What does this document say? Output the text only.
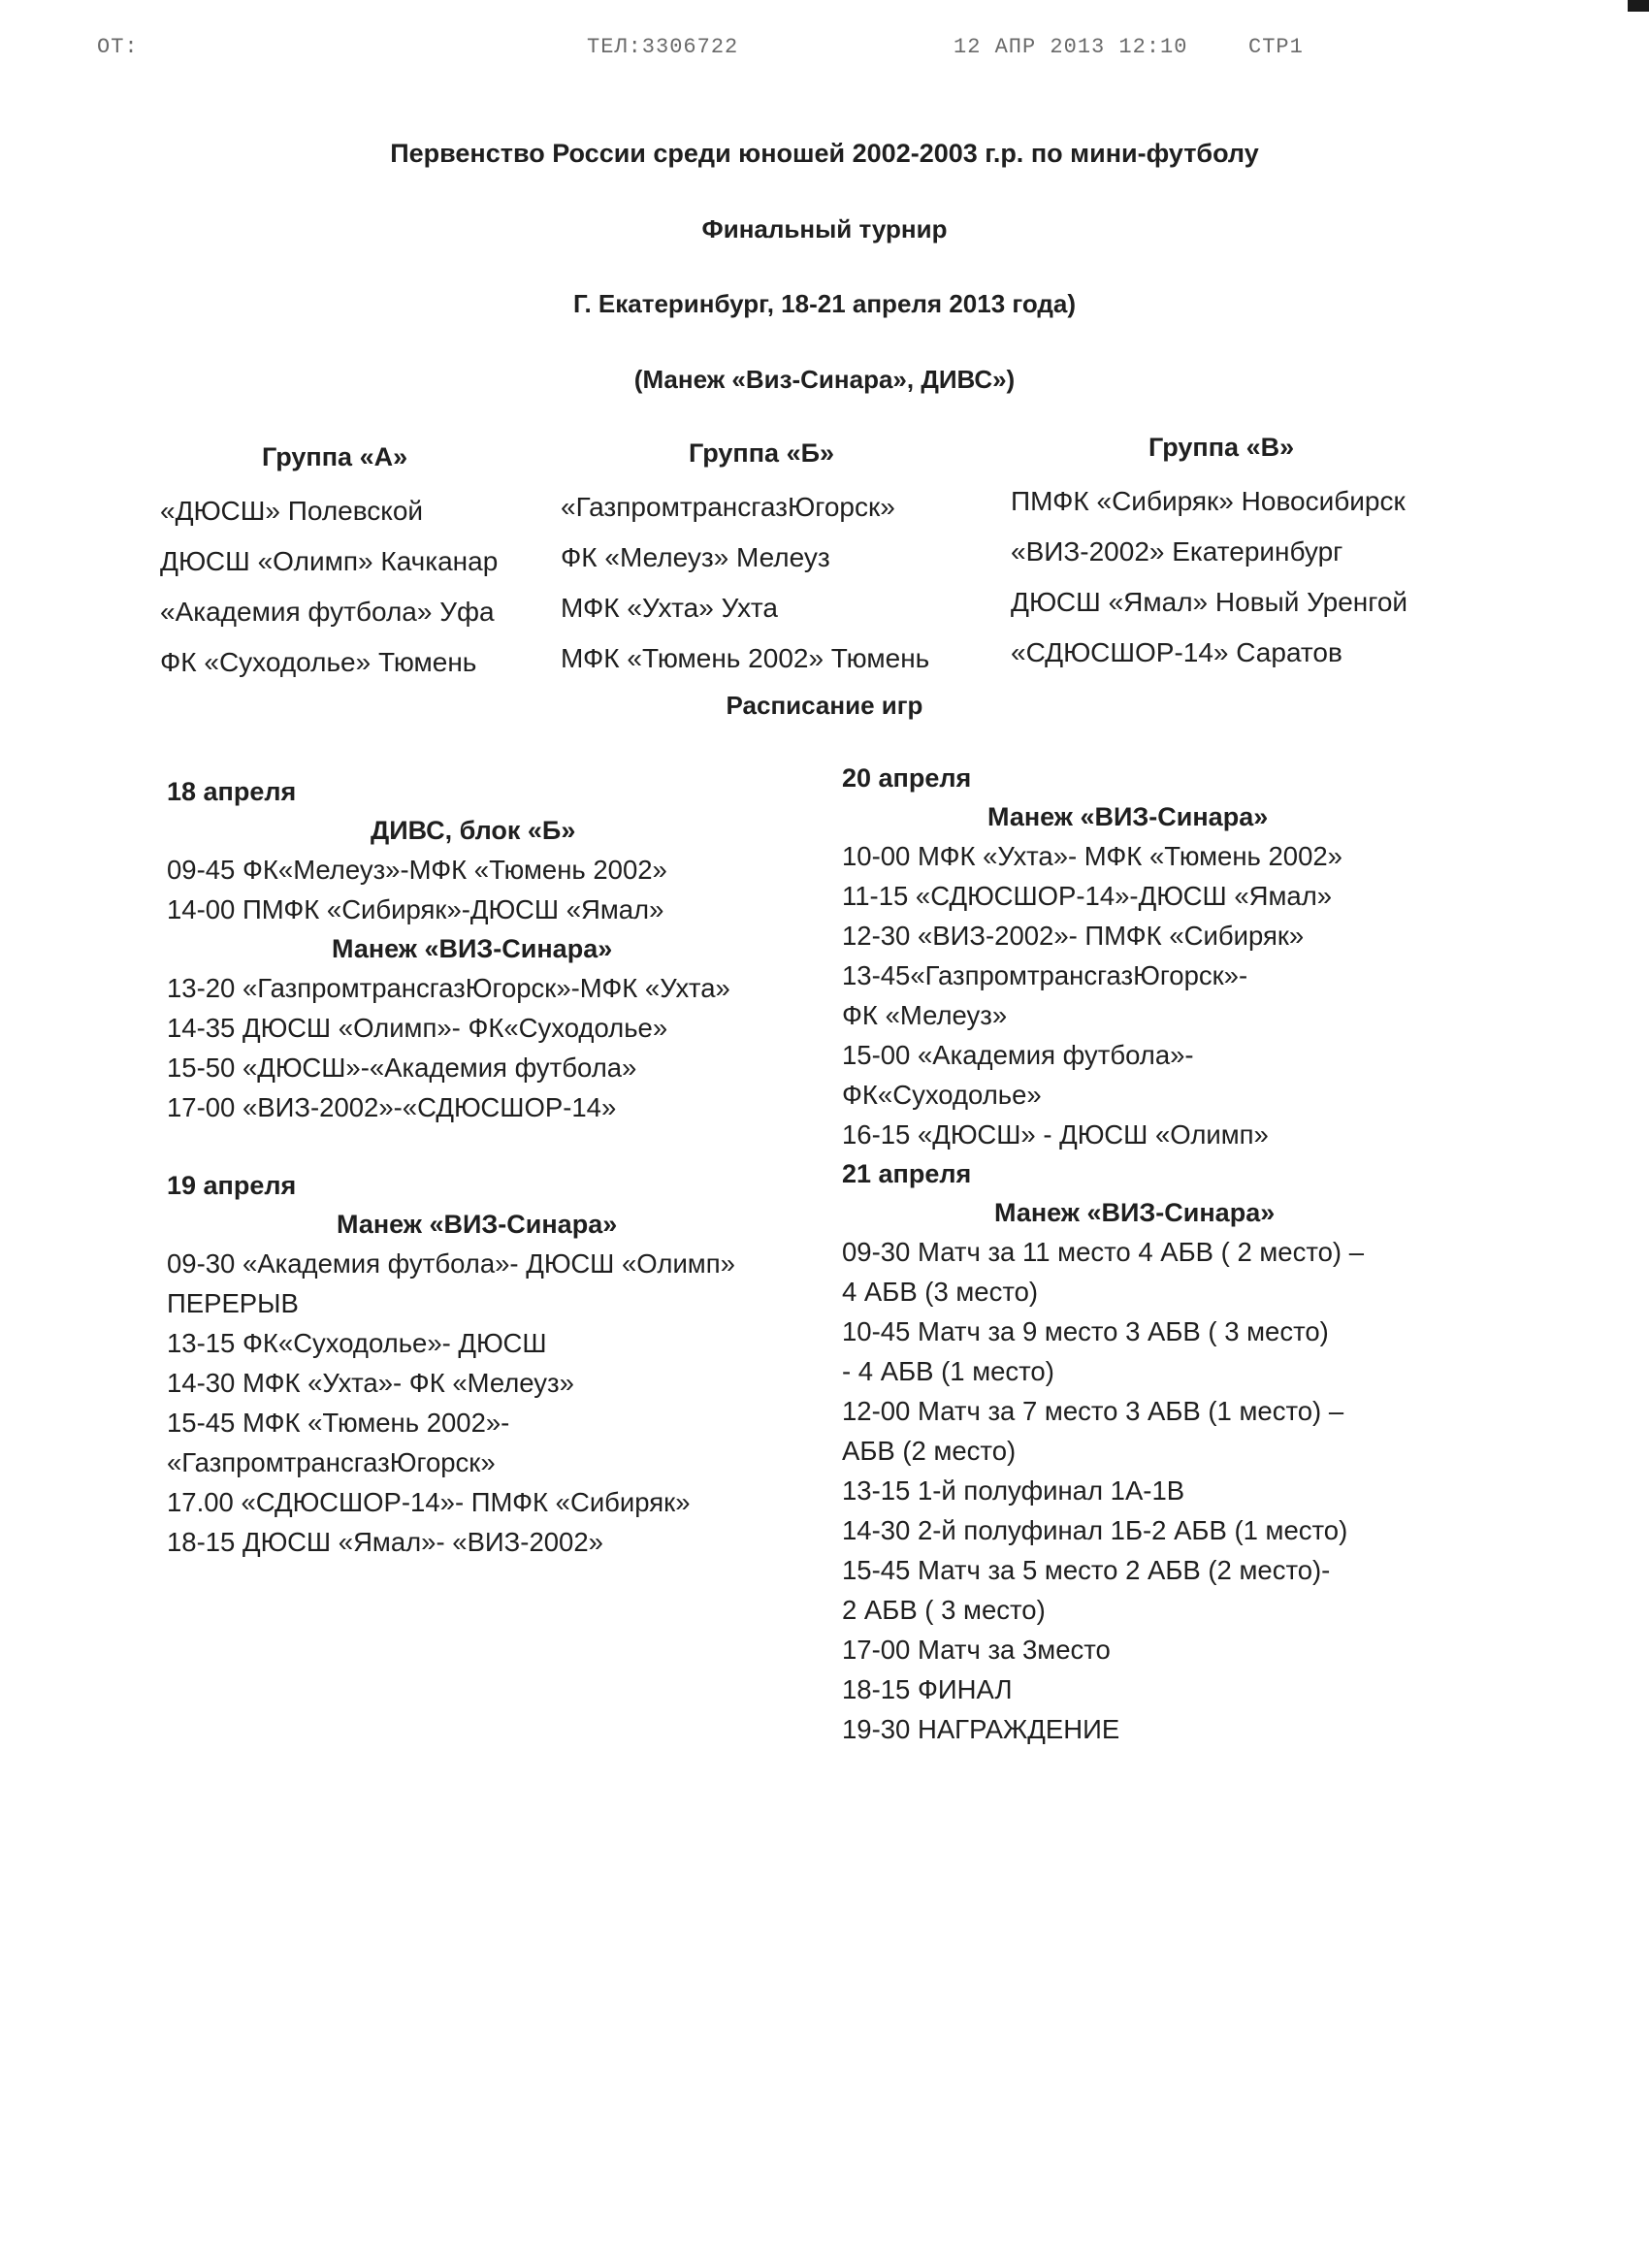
ОТ:	ТЕЛ:3306722	12 АПР 2013 12:10	СТР1
Первенство России среди юношей 2002-2003 г.р. по мини-футболу
Финальный турнир
Г. Екатеринбург, 18-21 апреля 2013 года)
(Манеж «Виз-Синара», ДИВС»)
Группа «А»
«ДЮСШ» Полевской
ДЮСШ «Олимп» Качканар
«Академия футбола» Уфа
ФК «Суходолье» Тюмень
Группа «Б»
«ГазпромтрансгазЮгорск»
ФК «Мелеуз» Мелеуз
МФК «Ухта» Ухта
МФК «Тюмень 2002» Тюмень
Группа «В»
ПМФК «Сибиряк» Новосибирск
«ВИЗ-2002» Екатеринбург
ДЮСШ «Ямал» Новый Уренгой
«СДЮСШОР-14» Саратов
Расписание игр
18 апреля
ДИВС, блок «Б»
09-45 ФК«Мелеуз»-МФК «Тюмень 2002»
14-00 ПМФК «Сибиряк»-ДЮСШ «Ямал»
Манеж «ВИЗ-Синара»
13-20 «ГазпромтрансгазЮгорск»-МФК «Ухта»
14-35 ДЮСШ «Олимп»- ФК«Суходолье»
15-50 «ДЮСШ»-«Академия футбола»
17-00 «ВИЗ-2002»-«СДЮСШОР-14»
19 апреля
Манеж «ВИЗ-Синара»
09-30 «Академия футбола»- ДЮСШ «Олимп»
ПЕРЕРЫВ
13-15 ФК«Суходолье»- ДЮСШ
14-30 МФК «Ухта»- ФК «Мелеуз»
15-45 МФК «Тюмень 2002»-
«ГазпромтрансгазЮгорск»
17.00 «СДЮСШОР-14»- ПМФК «Сибиряк»
18-15 ДЮСШ «Ямал»- «ВИЗ-2002»
20 апреля
Манеж «ВИЗ-Синара»
10-00 МФК «Ухта»- МФК «Тюмень 2002»
11-15 «СДЮСШОР-14»-ДЮСШ «Ямал»
12-30 «ВИЗ-2002»- ПМФК «Сибиряк»
13-45«ГазпромтрансгазЮгорск»-
ФК «Мелеуз»
15-00 «Академия футбола»-
ФК«Суходолье»
16-15 «ДЮСШ» - ДЮСШ «Олимп»
21 апреля
Манеж «ВИЗ-Синара»
09-30 Матч за 11 место 4 АБВ ( 2 место) –
4 АБВ (3 место)
10-45 Матч за 9 место 3 АБВ ( 3 место)
- 4 АБВ (1 место)
12-00 Матч за 7 место 3 АБВ (1 место) –
АБВ (2 место)
13-15 1-й полуфинал 1А-1В
14-30 2-й полуфинал 1Б-2 АБВ (1 место)
15-45 Матч за 5 место 2 АБВ (2 место)-
2 АБВ ( 3 место)
17-00 Матч за 3место
18-15 ФИНАЛ
19-30 НАГРАЖДЕНИЕ
